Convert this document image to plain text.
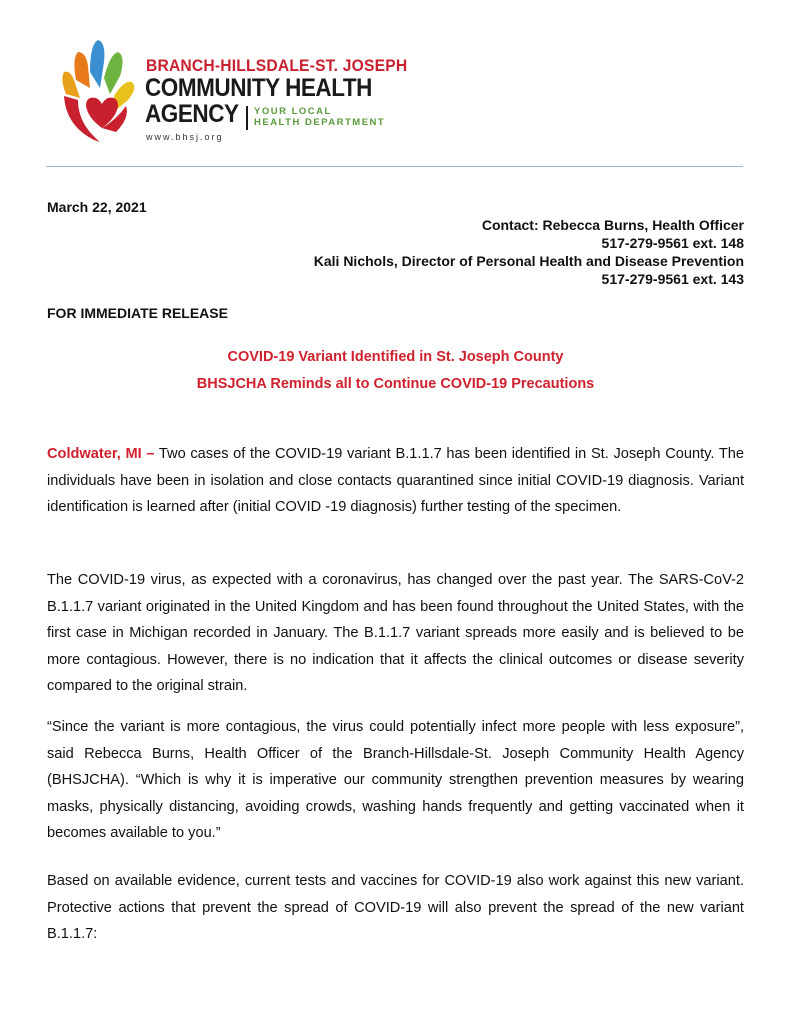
BRANCH-HILLSDALE-ST. JOSEPH
COMMUNITY HEALTH
AGENCY YOUR LOCAL
HEALTH DEPARTMENT
www.bhsj.org
March 22, 2021
Contact: Rebecca Burns, Health Officer
517-279-9561 ext. 148
Kali Nichols, Director of Personal Health and Disease Prevention
517-279-9561 ext. 143
FOR IMMEDIATE RELEASE
COVID-19 Variant Identified in St. Joseph County
BHSJCHA Reminds all to Continue COVID-19 Precautions
Coldwater, MI – Two cases of the COVID-19 variant B.1.1.7 has been identified in St. Joseph County. The individuals have been in isolation and close contacts quarantined since initial COVID-19 diagnosis. Variant identification is learned after (initial COVID -19 diagnosis) further testing of the specimen.
The COVID-19 virus, as expected with a coronavirus, has changed over the past year. The SARS-CoV-2 B.1.1.7 variant originated in the United Kingdom and has been found throughout the United States, with the first case in Michigan recorded in January. The B.1.1.7 variant spreads more easily and is believed to be more contagious. However, there is no indication that it affects the clinical outcomes or disease severity compared to the original strain.
“Since the variant is more contagious, the virus could potentially infect more people with less exposure”, said Rebecca Burns, Health Officer of the Branch-Hillsdale-St. Joseph Community Health Agency (BHSJCHA). “Which is why it is imperative our community strengthen prevention measures by wearing masks, physically distancing, avoiding crowds, washing hands frequently and getting vaccinated when it becomes available to you.”
Based on available evidence, current tests and vaccines for COVID-19 also work against this new variant. Protective actions that prevent the spread of COVID-19 will also prevent the spread of the new variant B.1.1.7:
